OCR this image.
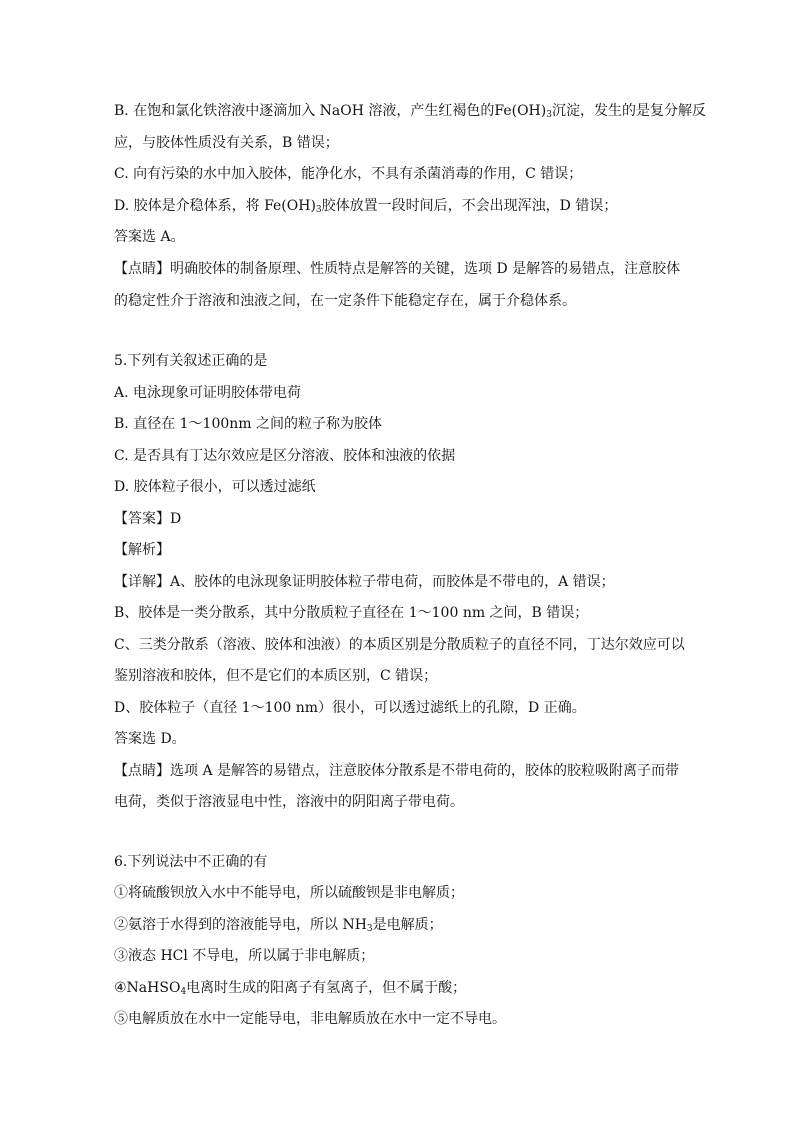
B. 在饱和氯化铁溶液中逐滴加入 NaOH 溶液，产生红褐色的$Fe(OH)_3$沉淀，发生的是复分解反
应，与胶体性质没有关系，B 错误；
C. 向有污染的水中加入胶体，能净化水，不具有杀菌消毒的作用，C 错误；
D. 胶体是介稳体系，将 $Fe(OH)_3$胶体放置一段时间后，不会出现浑浊，D 错误；
答案选 A。
【点睛】明确胶体的制备原理、性质特点是解答的关键，选项 D 是解答的易错点，注意胶体
的稳定性介于溶液和浊液之间，在一定条件下能稳定存在，属于介稳体系。
5.下列有关叙述正确的是
A. 电泳现象可证明胶体带电荷
B. 直径在 1～100nm 之间的粒子称为胶体
C. 是否具有丁达尔效应是区分溶液、胶体和浊液的依据
D. 胶体粒子很小，可以透过滤纸
【答案】D
【解析】
【详解】A、胶体的电泳现象证明胶体粒子带电荷，而胶体是不带电的，A 错误；
B、胶体是一类分散系，其中分散质粒子直径在 1～100 nm 之间，B 错误；
C、三类分散系（溶液、胶体和浊液）的本质区别是分散质粒子的直径不同，丁达尔效应可以
鉴别溶液和胶体，但不是它们的本质区别，C 错误；
D、胶体粒子（直径 1～100 nm）很小，可以透过滤纸上的孔隙，D 正确。
答案选 D。
【点睛】选项 A 是解答的易错点，注意胶体分散系是不带电荷的，胶体的胶粒吸附离子而带
电荷，类似于溶液显电中性，溶液中的阴阳离子带电荷。
6.下列说法中不正确的有
①将硫酸钡放入水中不能导电，所以硫酸钡是非电解质；
②氨溶于水得到的溶液能导电，所以 $NH_3$是电解质；
③液态 HCl 不导电，所以属于非电解质；
④NaHSO$_4$电离时生成的阳离子有氢离子，但不属于酸；
⑤电解质放在水中一定能导电，非电解质放在水中一定不导电。
